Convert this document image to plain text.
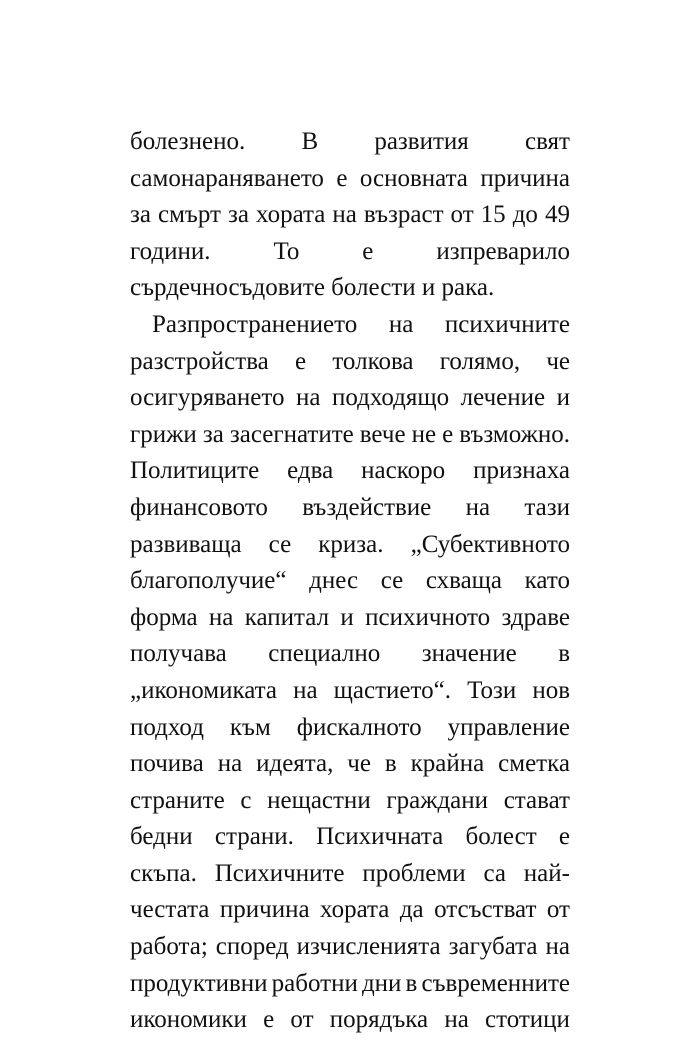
болезнено. В развития свят
самонараняването е основната причина
за смърт за хората на възраст от 15 до 49
години.	То	е	изпреварило
сърдечносъдовите болести и рака.
Разпространението на психичните
разстройства е толкова голямо, че
осигуряването на подходящо лечение и
грижи за засегнатите вече не е възможно.
Политиците едва наскоро признаха
финансовото въздействие на тази
развиваща се криза. „Субективното
благополучие“ днес се схваща като
форма на капитал и психичното здраве
получава специално значение в
„икономиката на щастието“. Този нов
подход към фискалното управление
почива на идеята, че в крайна сметка
страните с нещастни граждани стават
бедни страни. Психичната болест е
скъпа. Психичните проблеми са най-
честата причина хората да отсъстват от
работа; според изчисленията загубата на
продуктивни работни дни в съвременните
икономики е от порядъка на стотици
